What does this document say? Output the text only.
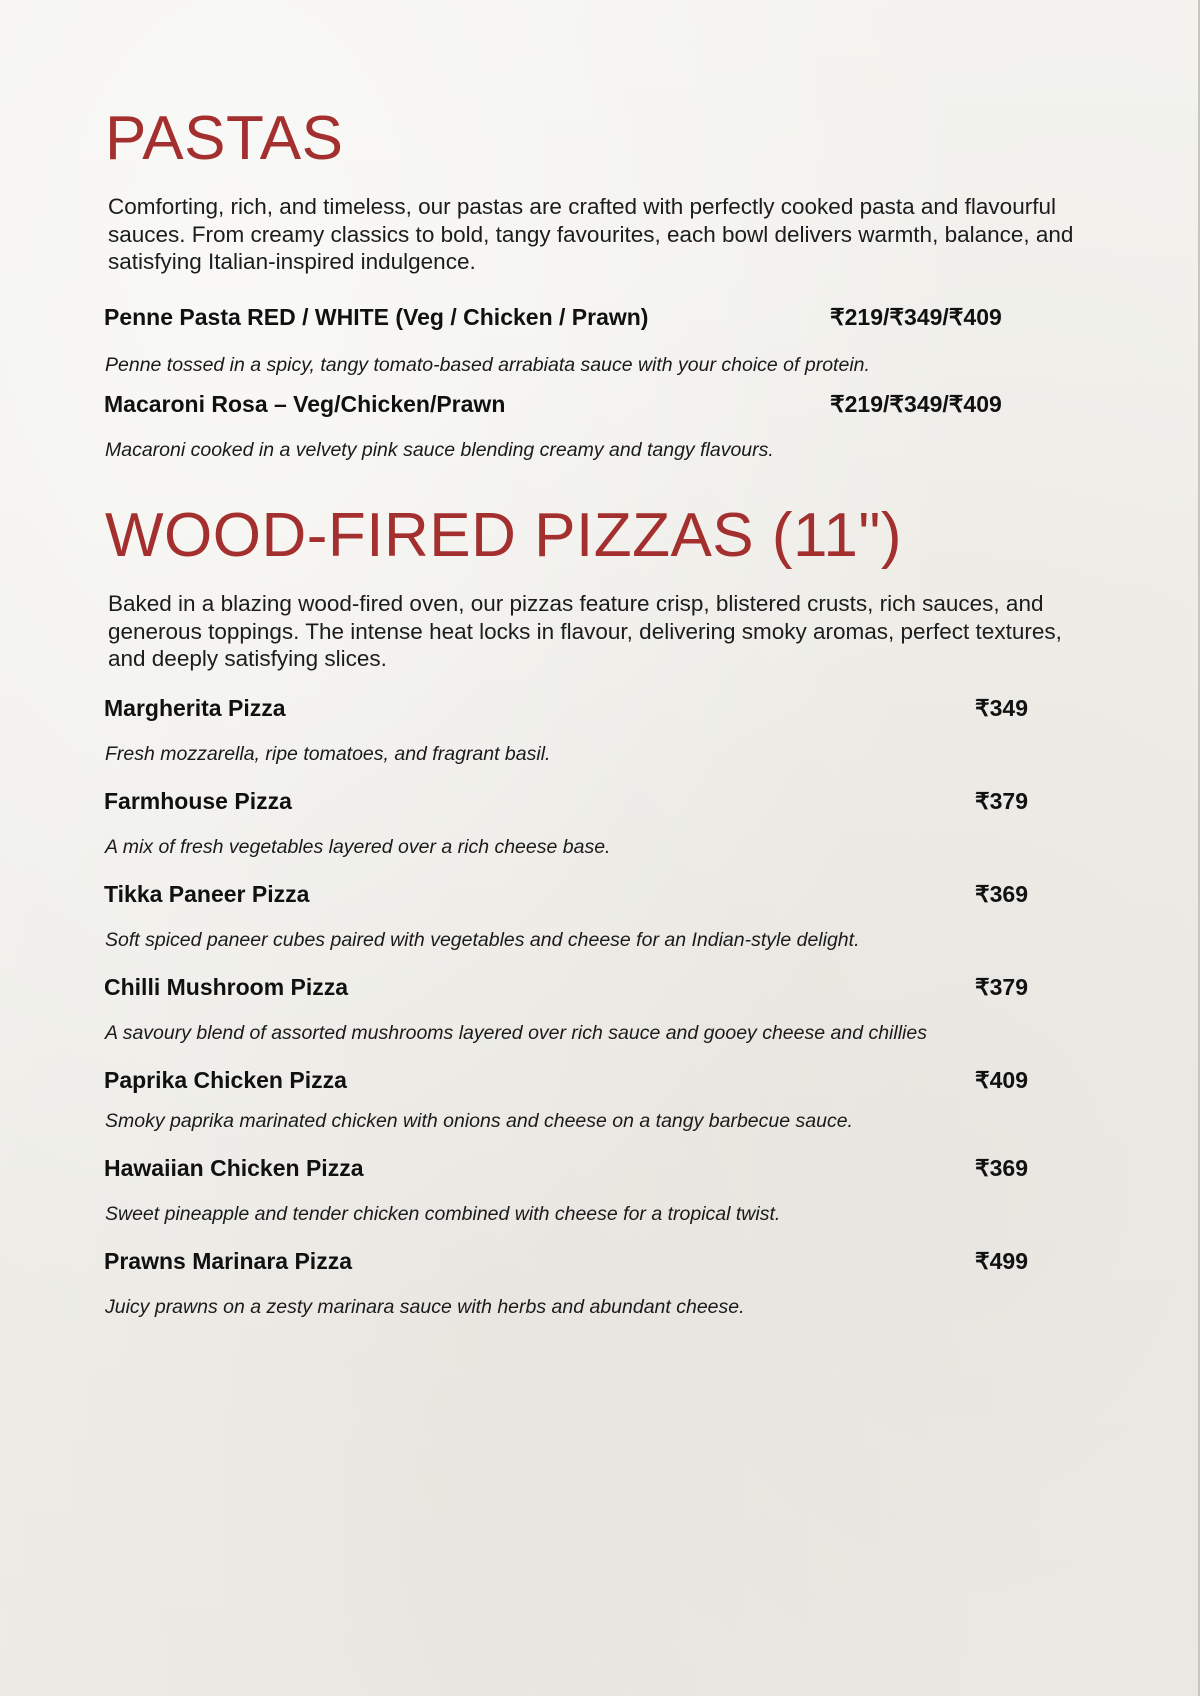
PASTAS

Comforting, rich, and timeless, our pastas are crafted with perfectly cooked pasta and flavourful sauces. From creamy classics to bold, tangy favourites, each bowl delivers warmth, balance, and satisfying Italian-inspired indulgence.

Penne Pasta RED / WHITE (Veg / Chicken / Prawn)	₹219/₹349/₹409

Penne tossed in a spicy, tangy tomato-based arrabiata sauce with your choice of protein.

Macaroni Rosa – Veg/Chicken/Prawn	₹219/₹349/₹409

Macaroni cooked in a velvety pink sauce blending creamy and tangy flavours.

WOOD-FIRED PIZZAS (11")

Baked in a blazing wood-fired oven, our pizzas feature crisp, blistered crusts, rich sauces, and generous toppings. The intense heat locks in flavour, delivering smoky aromas, perfect textures, and deeply satisfying slices.

Margherita Pizza	₹349

Fresh mozzarella, ripe tomatoes, and fragrant basil.

Farmhouse Pizza	₹379

A mix of fresh vegetables layered over a rich cheese base.

Tikka Paneer Pizza	₹369

Soft spiced paneer cubes paired with vegetables and cheese for an Indian-style delight.

Chilli Mushroom Pizza	₹379

A savoury blend of assorted mushrooms layered over rich sauce and gooey cheese and chillies

Paprika Chicken Pizza	₹409

Smoky paprika marinated chicken with onions and cheese on a tangy barbecue sauce.

Hawaiian Chicken Pizza	₹369

Sweet pineapple and tender chicken combined with cheese for a tropical twist.

Prawns Marinara Pizza	₹499

Juicy prawns on a zesty marinara sauce with herbs and abundant cheese.
